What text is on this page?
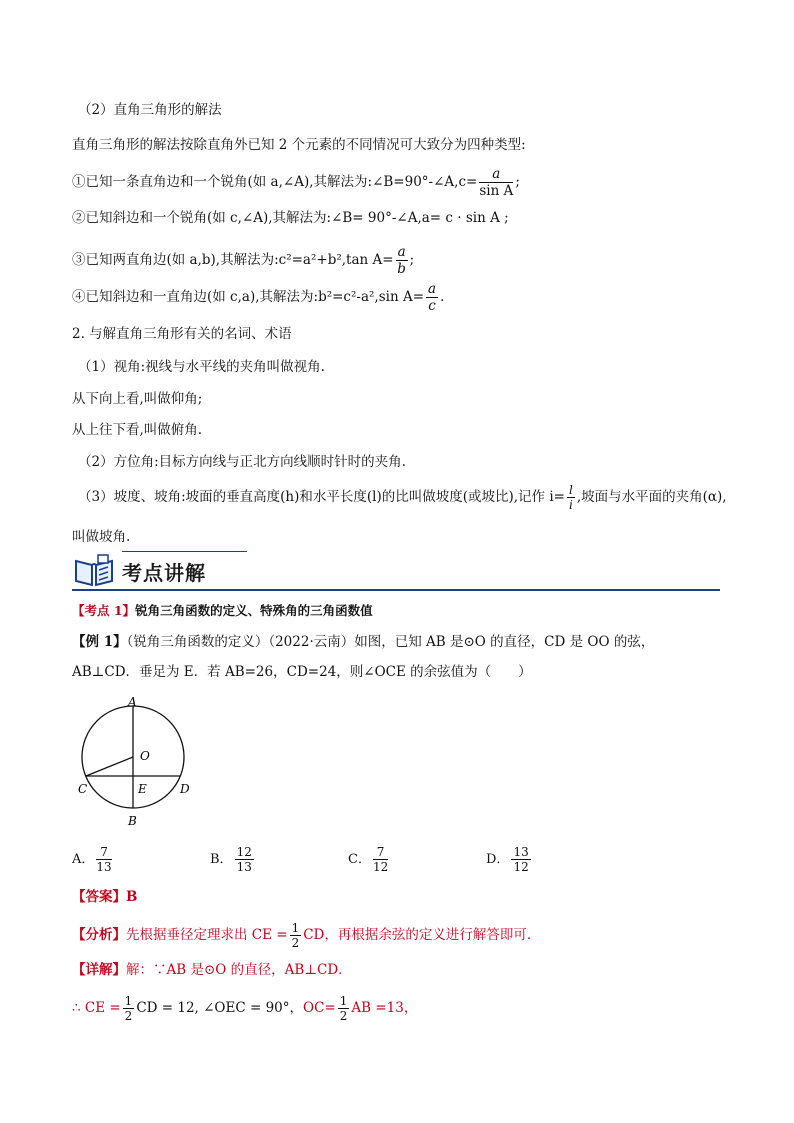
（2）直角三角形的解法
直角三角形的解法按除直角外已知 2 个元素的不同情况可大致分为四种类型:
①已知一条直角边和一个锐角(如 a,∠A),其解法为:∠B=90°-∠A,c= $\frac{a}{\text{sin A}}$ ;
②已知斜边和一个锐角(如 c,∠A),其解法为:∠B= 90°-∠A,a= c · sin A ;
③已知两直角边(如 a,b),其解法为:c²=a²+b²,tan $A= \frac{a}{b}$ ;
④已知斜边和一直角边(如 c,a),其解法为:b²=c²-a²,sin $A= \frac{a}{c}$ .
2. 与解直角三角形有关的名词、术语
（1）视角:视线与水平线的夹角叫做视角.
从下向上看,叫做仰角;
从上往下看,叫做俯角.
（2）方位角:目标方向线与正北方向线顺时针时的夹角.
（3）坡度、坡角:坡面的垂直高度(h)和水平长度(l)的比叫做坡度(或坡比),记作 $i= \frac{l}{i}$ ,坡面与水平面的夹角(α),
叫做坡角.
考点讲解
【考点 1】锐角三角函数的定义、特殊角的三角函数值
【例 1】（锐角三角函数的定义）（2022·云南）如图，已知 AB 是⊙O 的直径，CD 是 OO 的弦，
AB⊥CD．垂足为 E．若 AB=26，CD=24，则∠OCE 的余弦值为（　　）
A
O
C	E	D
B
A． $\frac{7}{13}$	B． $\frac{12}{13}$	C． $\frac{7}{12}$	D． $\frac{13}{12}$
【答案】B
【分析】先根据垂径定理求出 CE = $\frac{1}{2}$ CD，再根据余弦的定义进行解答即可．
【详解】解：∵AB 是⊙O 的直径，AB⊥CD．
∴ CE = $\frac{1}{2}$ CD = 12, ∠OEC = 90°，$OC= \frac{1}{2}$ AB =13，
